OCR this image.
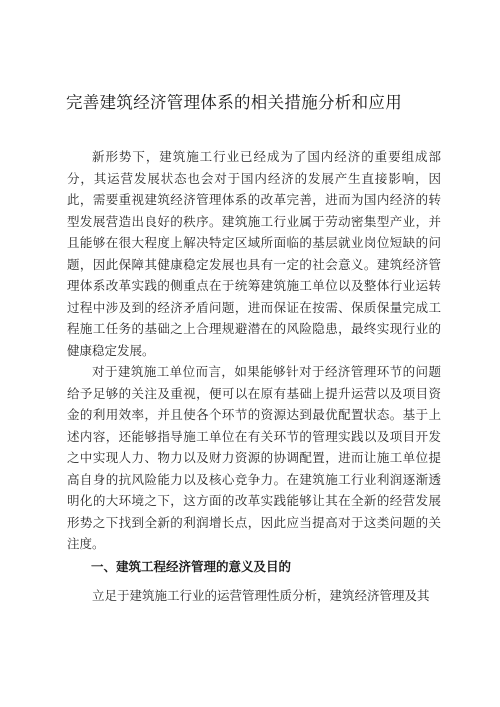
完善建筑经济管理体系的相关措施分析和应用

新形势下，建筑施工行业已经成为了国内经济的重要组成部分，其运营发展状态也会对于国内经济的发展产生直接影响，因此，需要重视建筑经济管理体系的改革完善，进而为国内经济的转型发展营造出良好的秩序。建筑施工行业属于劳动密集型产业，并且能够在很大程度上解决特定区域所面临的基层就业岗位短缺的问题，因此保障其健康稳定发展也具有一定的社会意义。建筑经济管理体系改革实践的侧重点在于统筹建筑施工单位以及整体行业运转过程中涉及到的经济矛盾问题，进而保证在按需、保质保量完成工程施工任务的基础之上合理规避潜在的风险隐患，最终实现行业的健康稳定发展。

对于建筑施工单位而言，如果能够针对于经济管理环节的问题给予足够的关注及重视，便可以在原有基础上提升运营以及项目资金的利用效率，并且使各个环节的资源达到最优配置状态。基于上述内容，还能够指导施工单位在有关环节的管理实践以及项目开发之中实现人力、物力以及财力资源的协调配置，进而让施工单位提高自身的抗风险能力以及核心竞争力。在建筑施工行业利润逐渐透明化的大环境之下，这方面的改革实践能够让其在全新的经营发展形势之下找到全新的利润增长点，因此应当提高对于这类问题的关注度。

一、建筑工程经济管理的意义及目的

立足于建筑施工行业的运营管理性质分析，建筑经济管理及其
